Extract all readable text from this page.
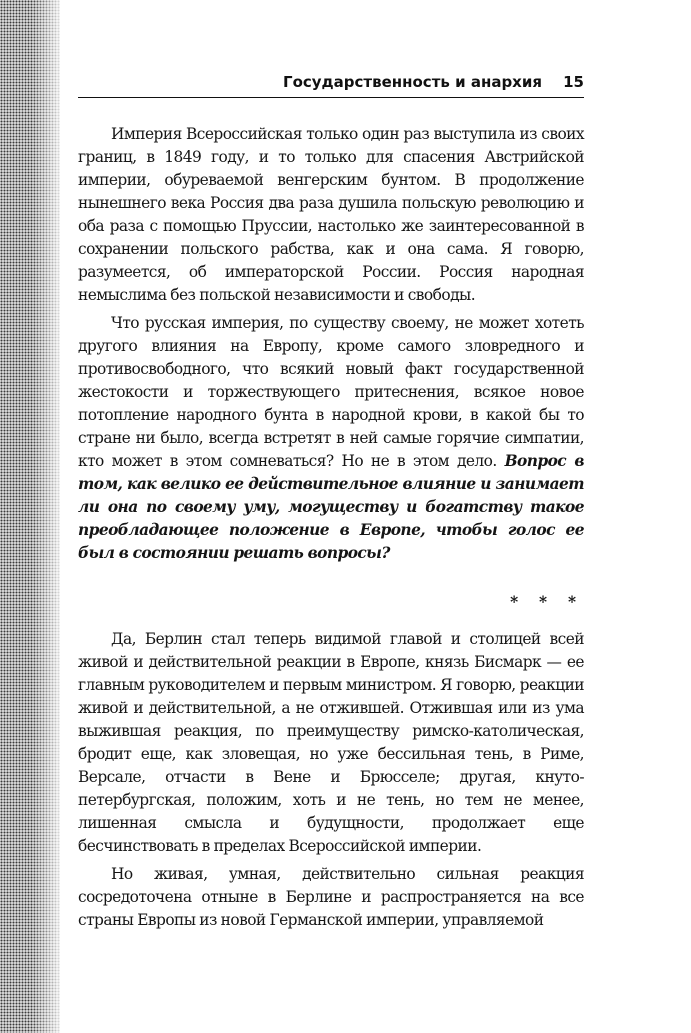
Государственность и анархия 15

Империя Всероссийская только один раз выступила из своих границ, в 1849 году, и то только для спасения Австрийской империи, обуреваемой венгерским бунтом. В продолжение нынешнего века Россия два раза душила польскую революцию и оба раза с помощью Пруссии, настолько же заинтересованной в сохранении польского рабства, как и она сама. Я говорю, разумеется, об императорской России. Россия народная немыслима без польской независимости и свободы.

Что русская империя, по существу своему, не может хотеть другого влияния на Европу, кроме самого зловредного и противосвободного, что всякий новый факт государственной жестокости и торжествующего притеснения, всякое новое потопление народного бунта в народной крови, в какой бы то стране ни было, всегда встретят в ней самые горячие симпатии, кто может в этом сомневаться? Но не в этом дело. Вопрос в том, как велико ее действительное влияние и занимает ли она по своему уму, могуществу и богатству такое преобладающее положение в Европе, чтобы голос ее был в состоянии решать вопросы?

* * *

Да, Берлин стал теперь видимой главой и столицей всей живой и действительной реакции в Европе, князь Бисмарк — ее главным руководителем и первым министром. Я говорю, реакции живой и действительной, а не отжившей. Отжившая или из ума выжившая реакция, по преимуществу римско-католическая, бродит еще, как зловещая, но уже бессильная тень, в Риме, Версале, отчасти в Вене и Брюсселе; другая, кнуто-петербургская, положим, хоть и не тень, но тем не менее, лишенная смысла и будущности, продолжает еще бесчинствовать в пределах Всероссийской империи.

Но живая, умная, действительно сильная реакция сосредоточена отныне в Берлине и распространяется на все страны Европы из новой Германской империи, управляемой
